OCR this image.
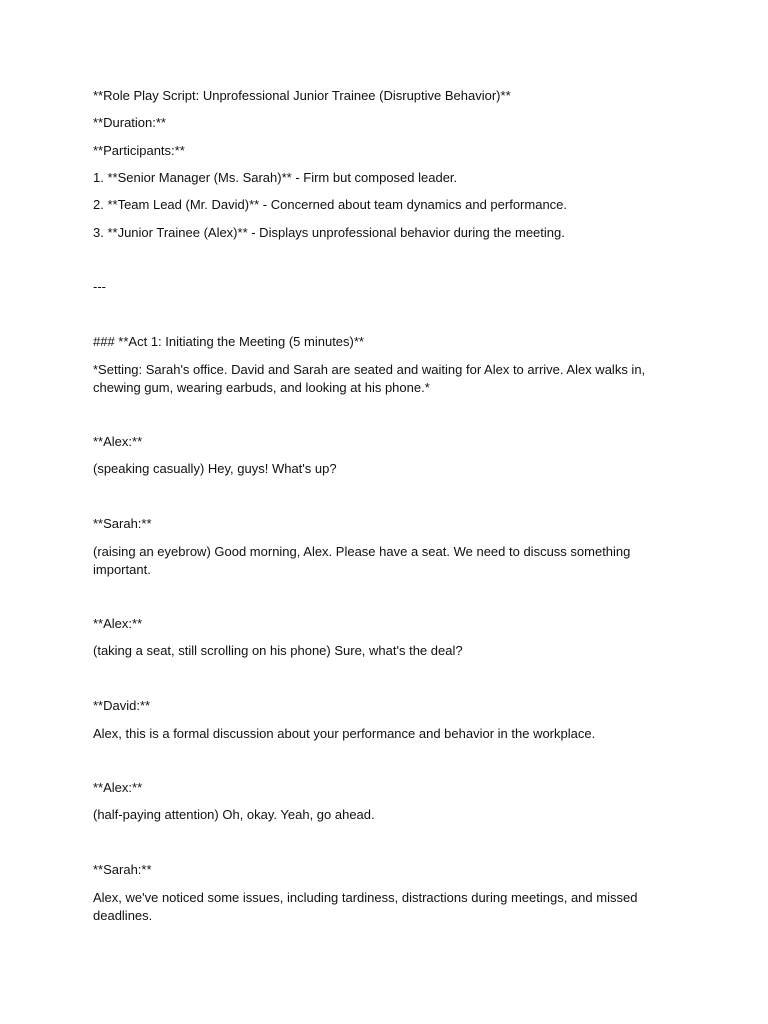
**Role Play Script: Unprofessional Junior Trainee (Disruptive Behavior)**

**Duration:**

**Participants:**

1. **Senior Manager (Ms. Sarah)** - Firm but composed leader.

2. **Team Lead (Mr. David)** - Concerned about team dynamics and performance.

3. **Junior Trainee (Alex)** - Displays unprofessional behavior during the meeting.

---

### **Act 1: Initiating the Meeting (5 minutes)**

*Setting: Sarah's office. David and Sarah are seated and waiting for Alex to arrive. Alex walks in, chewing gum, wearing earbuds, and looking at his phone.*

**Alex:**

(speaking casually) Hey, guys! What's up?

**Sarah:**

(raising an eyebrow) Good morning, Alex. Please have a seat. We need to discuss something important.

**Alex:**

(taking a seat, still scrolling on his phone) Sure, what's the deal?

**David:**

Alex, this is a formal discussion about your performance and behavior in the workplace.

**Alex:**

(half-paying attention) Oh, okay. Yeah, go ahead.

**Sarah:**

Alex, we've noticed some issues, including tardiness, distractions during meetings, and missed deadlines.
